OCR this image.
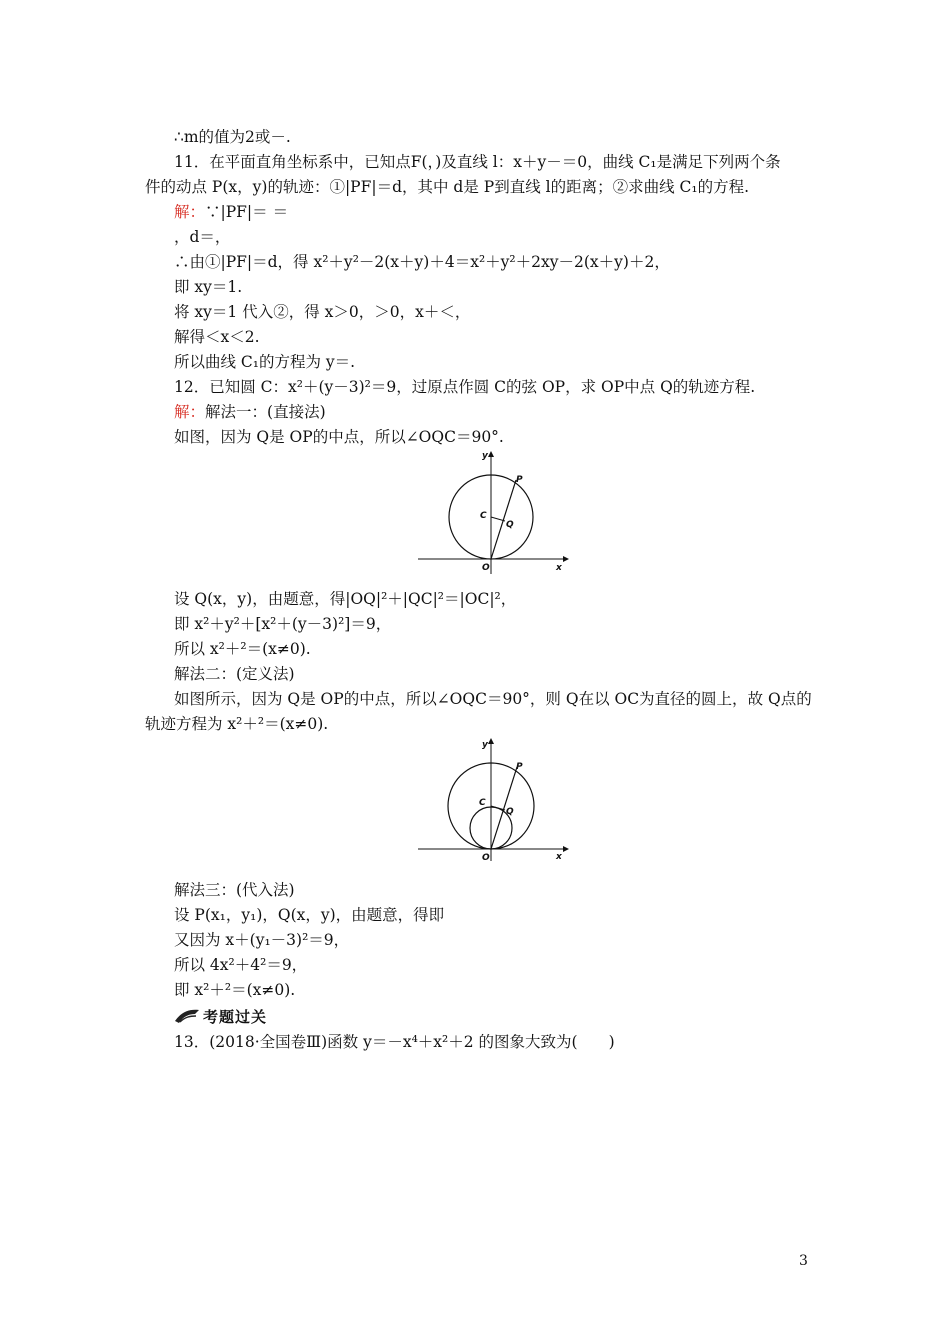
∴m的值为2或－.
11．在平面直角坐标系中，已知点F(，)及直线 l：x＋y－＝0，曲线 C₁是满足下列两个条
件的动点 P(x，y)的轨迹：①|PF|＝d，其中 d是 P到直线 l的距离；②求曲线 C₁的方程.
解：∵|PF|＝ ＝
，d＝，
∴由①|PF|＝d，得 x²＋y²－2(x＋y)＋4＝x²＋y²＋2xy－2(x＋y)＋2，
即 xy＝1.
将 xy＝1 代入②，得 x＞0，＞0，x＋＜，
解得＜x＜2.
所以曲线 C₁的方程为 y＝.
12．已知圆 C：x²＋(y－3)²＝9，过原点作圆 C的弦 OP，求 OP中点 Q的轨迹方程.
解：解法一：(直接法)
如图，因为 Q是 OP的中点，所以∠OQC＝90°.
y
x
O
P
C
Q
设 Q(x，y)，由题意，得|OQ|²＋|QC|²＝|OC|²，
即 x²＋y²＋[x²＋(y－3)²]＝9，
所以 x²＋²＝(x≠0).
解法二：(定义法)
如图所示，因为 Q是 OP的中点，所以∠OQC＝90°，则 Q在以 OC为直径的圆上，故 Q点的
轨迹方程为 x²＋²＝(x≠0).
y
x
O
P
C
Q
解法三：(代入法)
设 P(x₁，y₁)，Q(x，y)，由题意，得即
又因为 x＋(y₁－3)²＝9，
所以 4x²＋4²＝9，
即 x²＋²＝(x≠0).
考题过关
13．(2018·全国卷Ⅲ)函数 y＝－x⁴＋x²＋2 的图象大致为(　　)
3
